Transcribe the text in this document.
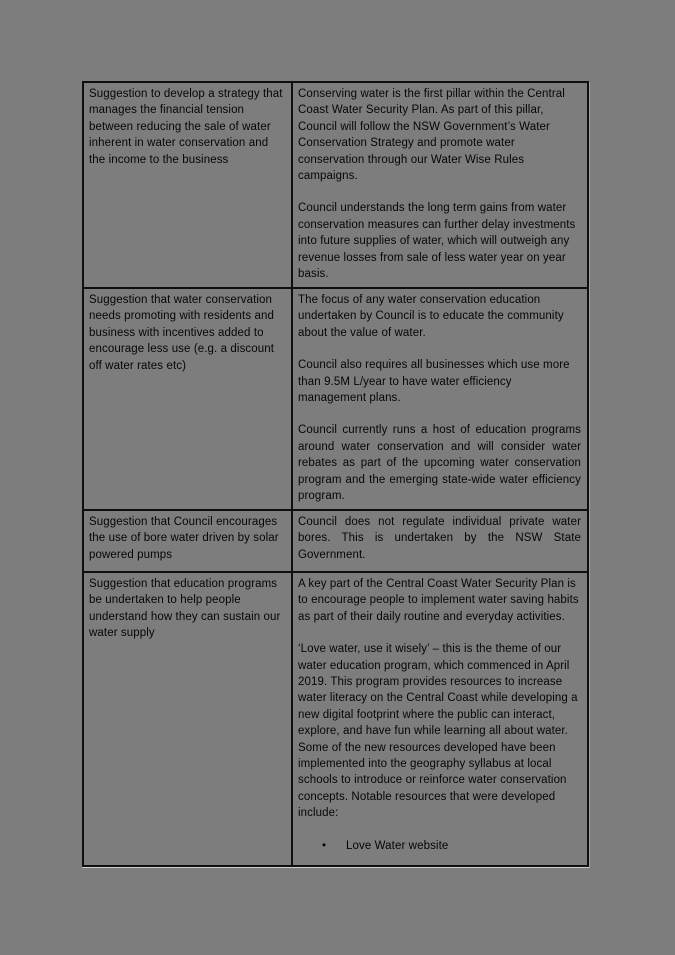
Suggestion to develop a strategy that manages the financial tension between reducing the sale of water inherent in water conservation and the income to the business

Conserving water is the first pillar within the Central Coast Water Security Plan. As part of this pillar, Council will follow the NSW Government’s Water Conservation Strategy and promote water conservation through our Water Wise Rules campaigns.

Council understands the long term gains from water conservation measures can further delay investments into future supplies of water, which will outweigh any revenue losses from sale of less water year on year basis.

Suggestion that water conservation needs promoting with residents and business with incentives added to encourage less use (e.g. a discount off water rates etc)

The focus of any water conservation education undertaken by Council is to educate the community about the value of water.

Council also requires all businesses which use more than 9.5M L/year to have water efficiency management plans.

Council currently runs a host of education programs around water conservation and will consider water rebates as part of the upcoming water conservation program and the emerging state-wide water efficiency program.

Suggestion that Council encourages the use of bore water driven by solar powered pumps

Council does not regulate individual private water bores. This is undertaken by the NSW State Government.

Suggestion that education programs be undertaken to help people understand how they can sustain our water supply

A key part of the Central Coast Water Security Plan is to encourage people to implement water saving habits as part of their daily routine and everyday activities.

‘Love water, use it wisely’ – this is the theme of our water education program, which commenced in April 2019. This program provides resources to increase water literacy on the Central Coast while developing a new digital footprint where the public can interact, explore, and have fun while learning all about water. Some of the new resources developed have been implemented into the geography syllabus at local schools to introduce or reinforce water conservation concepts. Notable resources that were developed include:

• Love Water website
